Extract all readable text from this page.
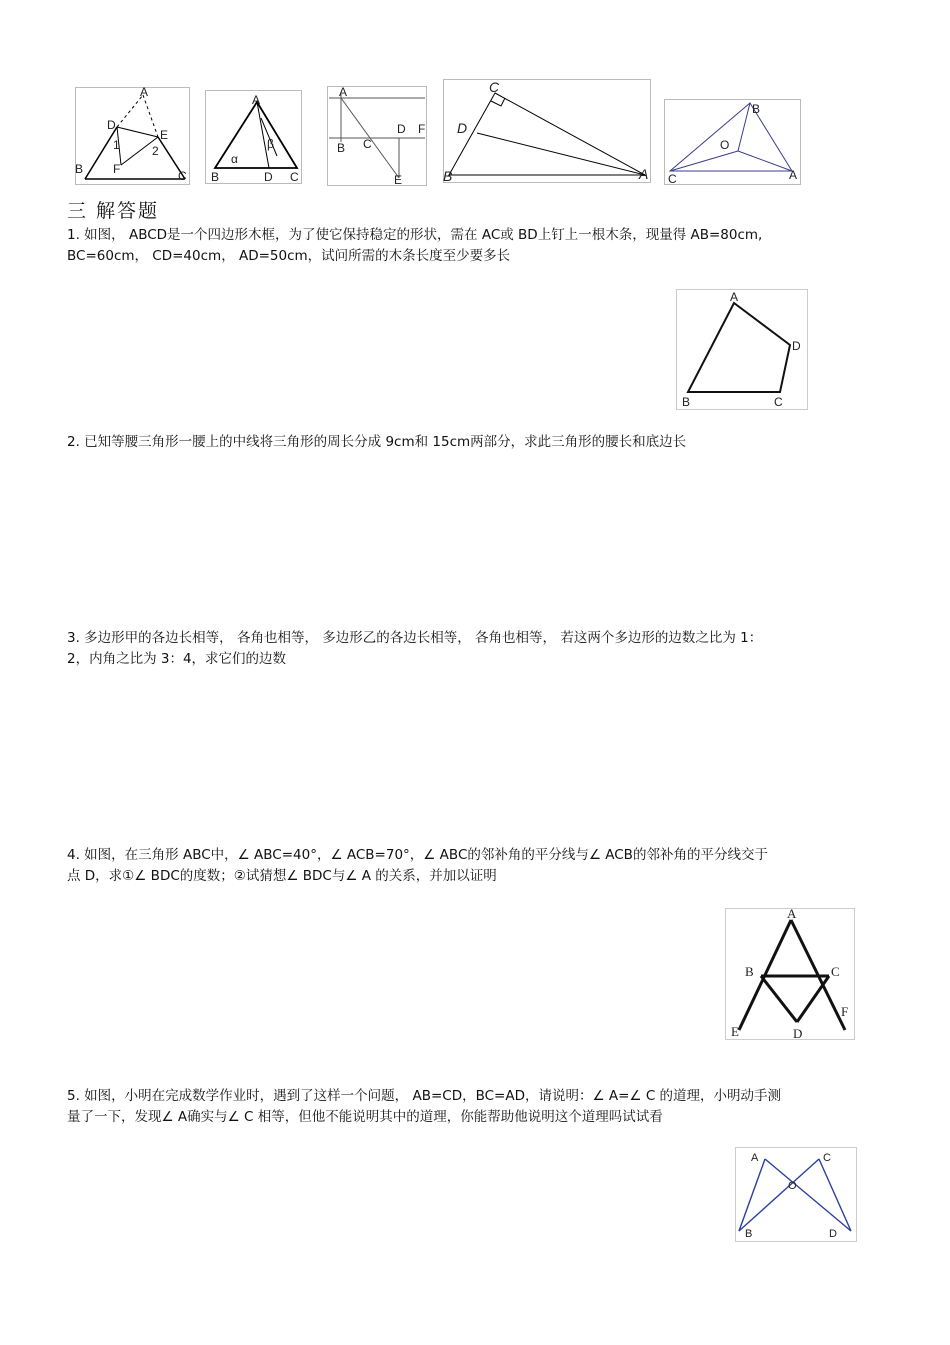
A
D
E
1	2
F
B	C
A
α
β
B	D C
A
D F
B C
E
C
D
B	A
B
O
C	A
三 解答题
1. 如图， ABCD是一个四边形木框，为了使它保持稳定的形状，需在 AC或 BD上钉上一根木条，现量得 AB=80cm,
BC=60cm， CD=40cm， AD=50cm，试问所需的木条长度至少要多长
A
D
B	C
2. 已知等腰三角形一腰上的中线将三角形的周长分成 9cm和 15cm两部分，求此三角形的腰长和底边长
3. 多边形甲的各边长相等， 各角也相等， 多边形乙的各边长相等， 各角也相等， 若这两个多边形的边数之比为 1：
2，内角之比为 3：4，求它们的边数
4. 如图，在三角形 ABC中，∠ ABC=40°，∠ ACB=70°，∠ ABC的邻补角的平分线与∠ ACB的邻补角的平分线交于
点 D，求①∠ BDC的度数；②试猜想∠ BDC与∠ A 的关系，并加以证明
A
B	C
E
F
D
5. 如图，小明在完成数学作业时，遇到了这样一个问题， AB=CD，BC=AD，请说明：∠ A=∠ C 的道理，小明动手测
量了一下，发现∠ A确实与∠ C 相等，但他不能说明其中的道理，你能帮助他说明这个道理吗试试看
A	C
O
B	D
